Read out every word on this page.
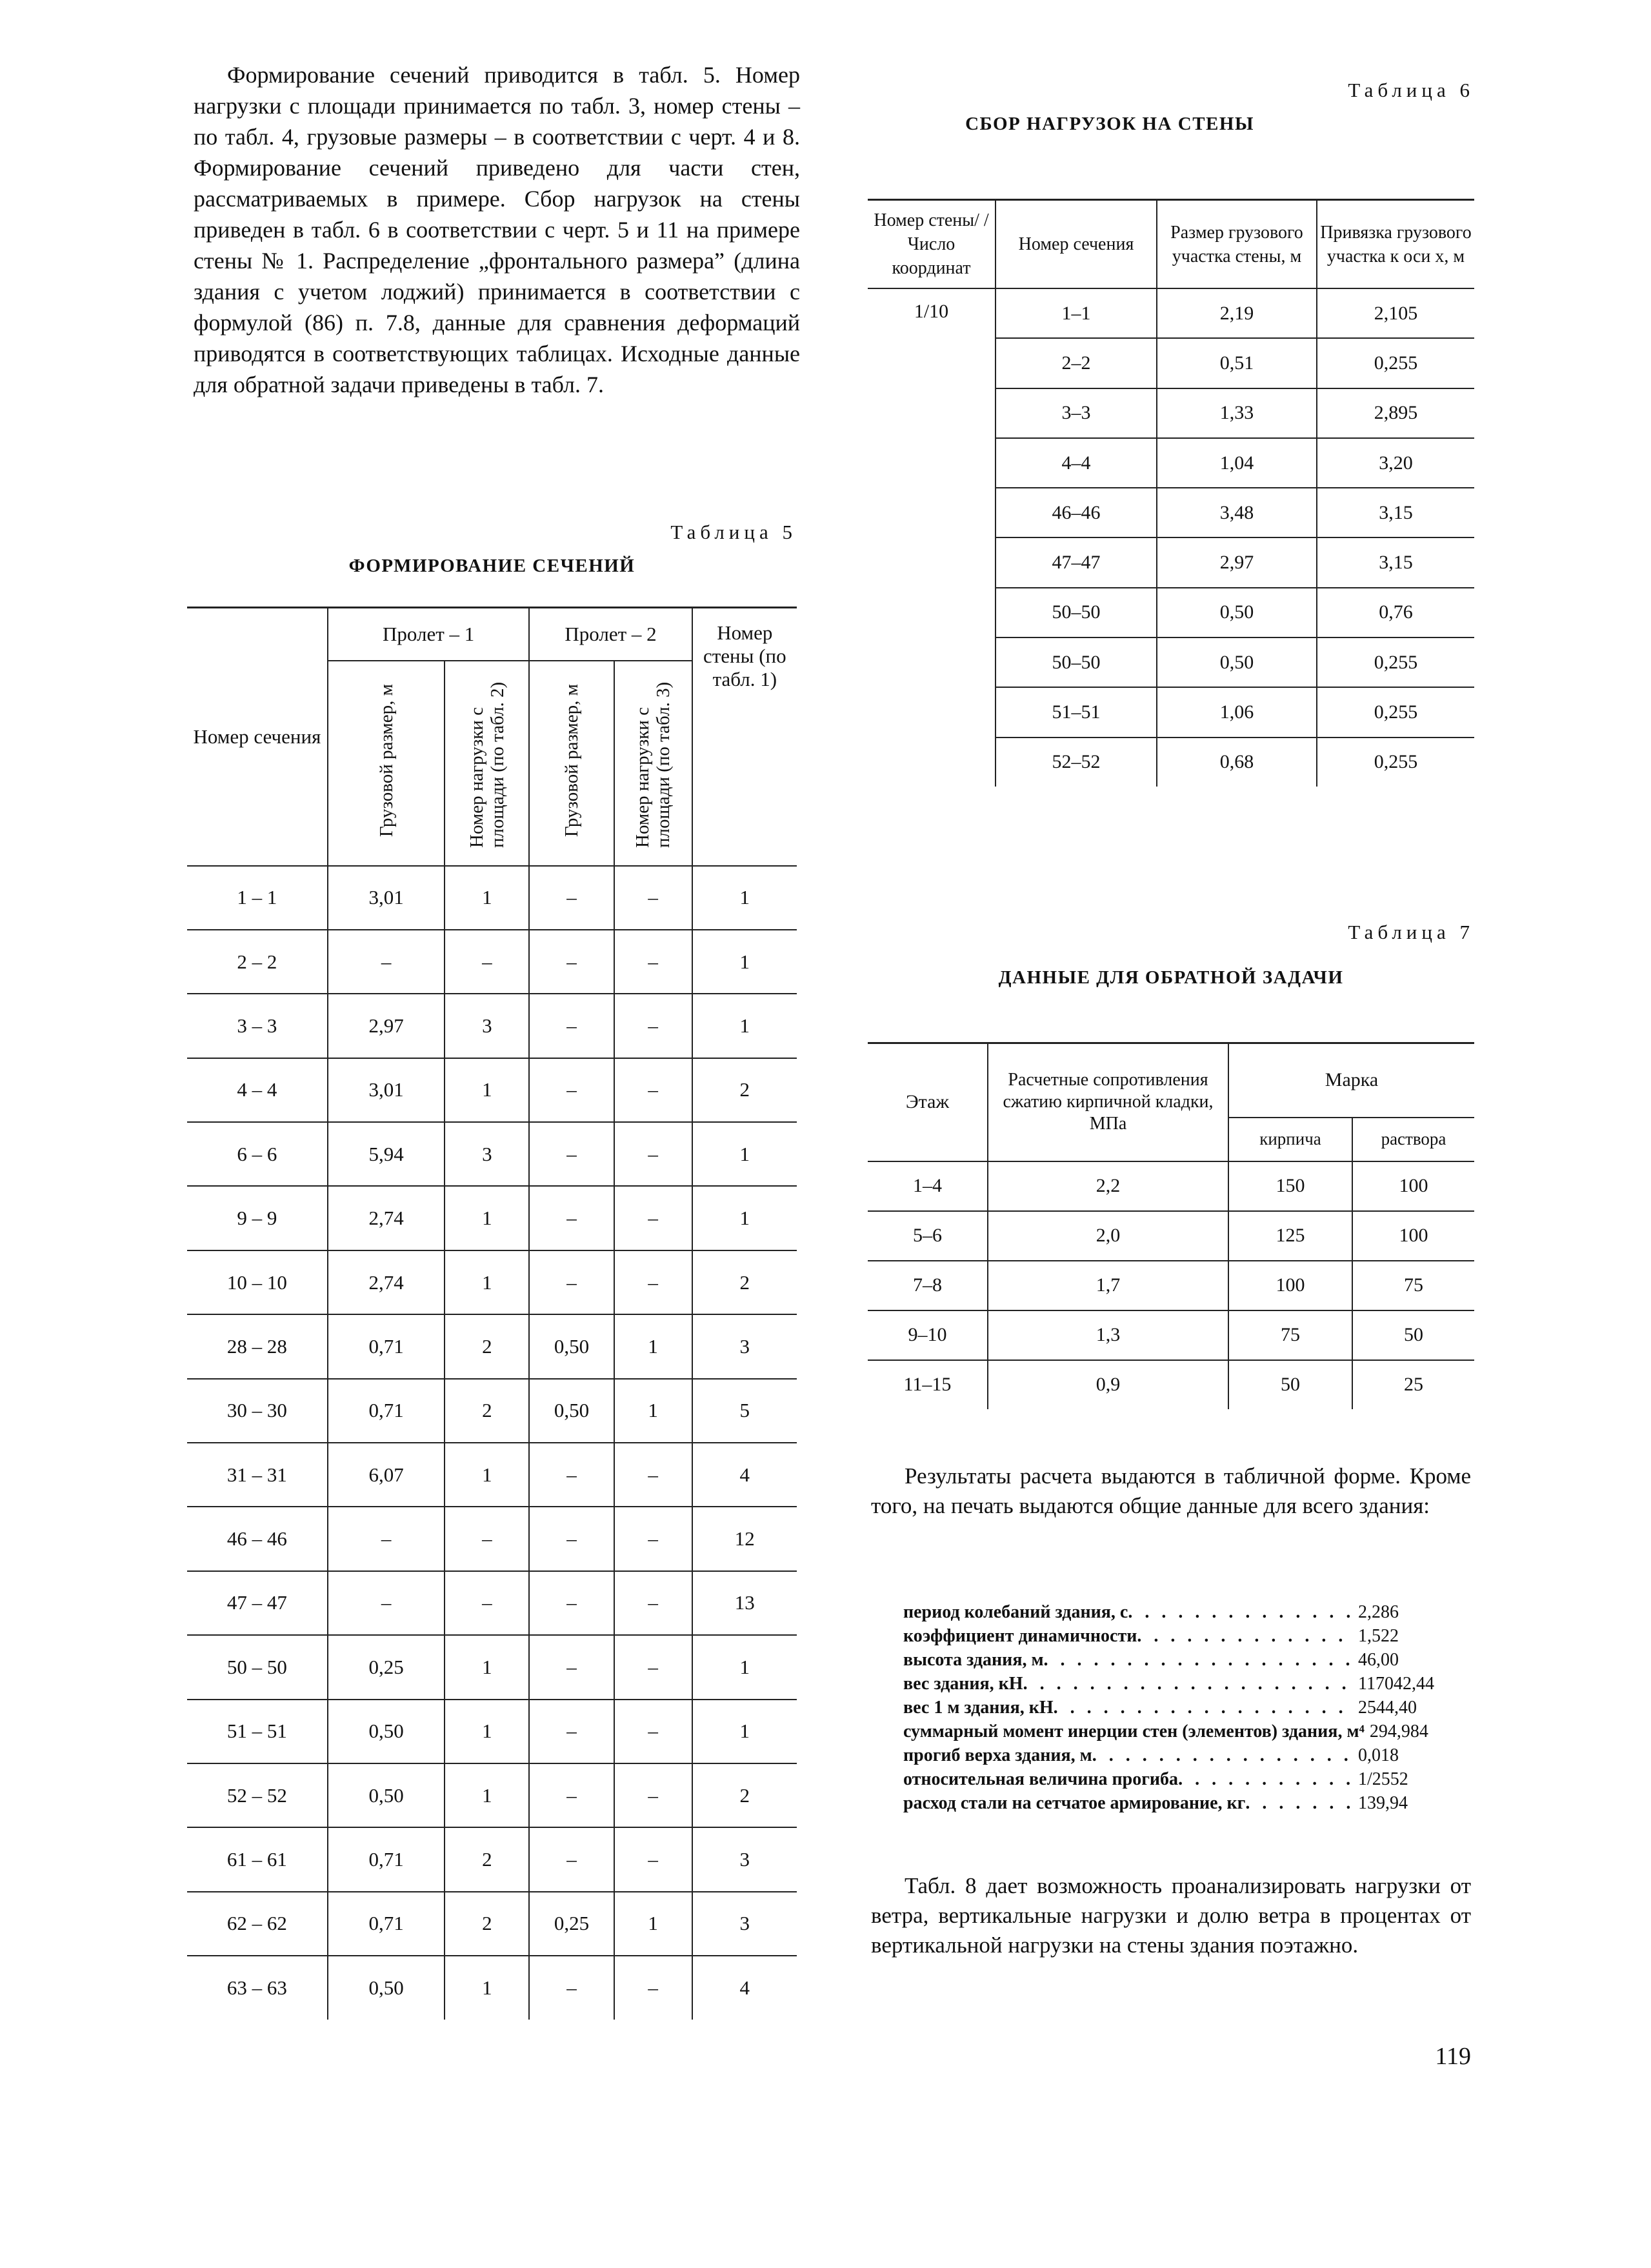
Формирование сечений приводится в табл. 5. Номер нагрузки с площади принимается по табл. 3, номер стены – по табл. 4, грузовые размеры – в соответствии с черт. 4 и 8. Формирование сечений приведено для части стен, рассматриваемых в примере. Сбор нагрузок на стены приведен в табл. 6 в соответствии с черт. 5 и 11 на примере стены № 1. Распределение „фронтального размера” (длина здания с учетом лоджий) принимается в соответствии с формулой (86) п. 7.8, данные для сравнения деформаций приводятся в соответствующих таблицах. Исходные данные для обратной задачи приведены в табл. 7.

Таблица 5
ФОРМИРОВАНИЕ СЕЧЕНИЙ
Номер сечения	Пролет – 1		Пролет – 2		Номер стены (по табл. 1)
	Грузовой размер, м	Номер нагрузки с площади (по табл. 2)	Грузовой размер, м	Номер нагрузки с площади (по табл. 3)	
1 – 1	3,01	1	–	–	1
2 – 2	–	–	–	–	1
3 – 3	2,97	3	–	–	1
4 – 4	3,01	1	–	–	2
6 – 6	5,94	3	–	–	1
9 – 9	2,74	1	–	–	1
10 – 10	2,74	1	–	–	2
28 – 28	0,71	2	0,50	1	3
30 – 30	0,71	2	0,50	1	5
31 – 31	6,07	1	–	–	4
46 – 46	–	–	–	–	12
47 – 47	–	–	–	–	13
50 – 50	0,25	1	–	–	1
51 – 51	0,50	1	–	–	1
52 – 52	0,50	1	–	–	2
61 – 61	0,71	2	–	–	3
62 – 62	0,71	2	0,25	1	3
63 – 63	0,50	1	–	–	4
Таблица 6
СБОР НАГРУЗОК НА СТЕНЫ
Номер стены/ /Число координат	Номер сечения	Размер грузового участка стены, м	Привязка грузового участка к оси x, м
1/10	1–1	2,19	2,105
	2–2	0,51	0,255
	3–3	1,33	2,895
	4–4	1,04	3,20
	46–46	3,48	3,15
	47–47	2,97	3,15
	50–50	0,50	0,76
	50–50	0,50	0,255
	51–51	1,06	0,255
	52–52	0,68	0,255
Таблица 7
ДАННЫЕ ДЛЯ ОБРАТНОЙ ЗАДАЧИ
Этаж	Расчетные сопротивления сжатию кирпичной кладки, МПа	Марка	
		кирпича	раствора
1–4	2,2	150	100
5–6	2,0	125	100
7–8	1,7	100	75
9–10	1,3	75	50
11–15	0,9	50	25

Результаты расчета выдаются в табличной форме. Кроме того, на печать выдаются общие данные для всего здания:

период колебаний здания, с . . .	2,286
коэффициент динамичности . . .	1,522
высота здания, м . . .	46,00
вес здания, кН . . .	117042,44
вес 1 м здания, кН . . .	2544,40
суммарный момент инерции стен (элементов) здания, м⁴ 294,984
прогиб верха здания, м . . .	0,018
относительная величина прогиба . . .	1/2552
расход стали на сетчатое армирование, кг . . .	139,94

Табл. 8 дает возможность проанализировать нагрузки от ветра, вертикальные нагрузки и долю ветра в процентах от вертикальной нагрузки на стены здания поэтажно.

119
